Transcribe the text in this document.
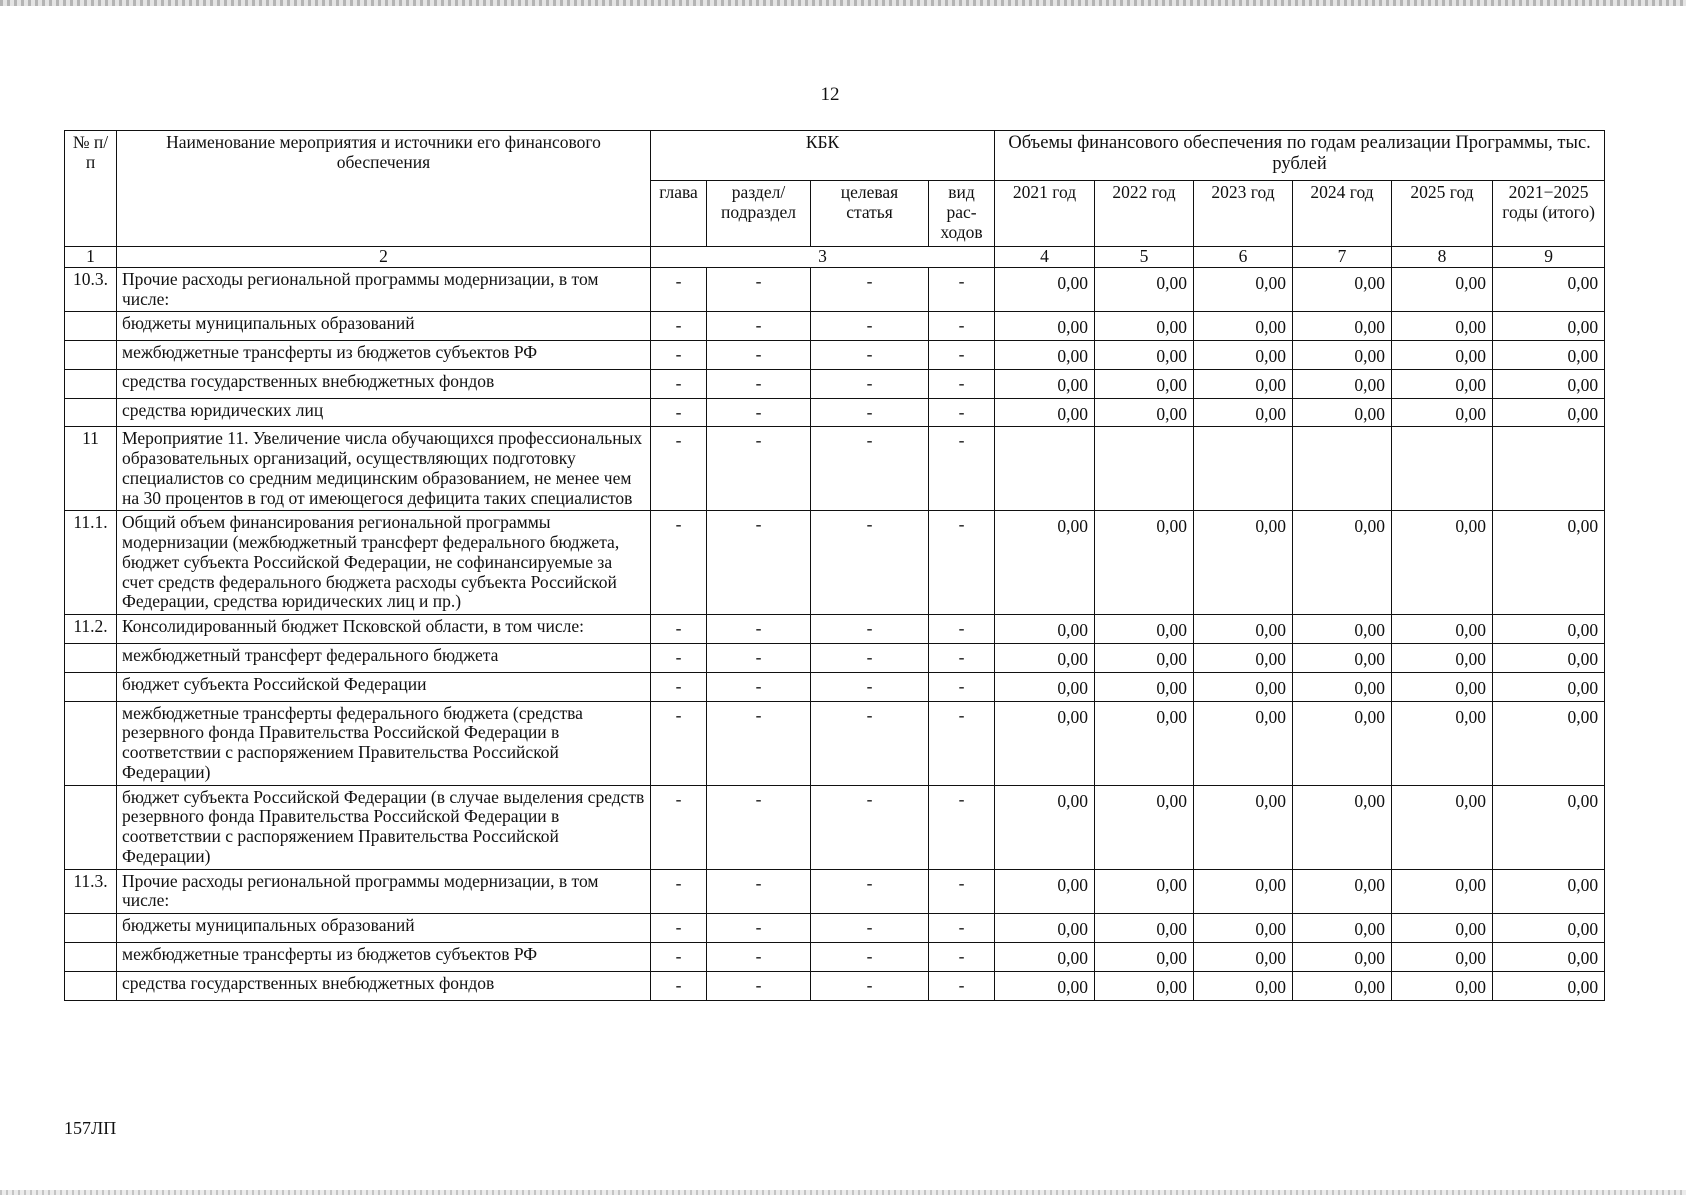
12
№ п/п	Наименование мероприятия и источники его финансового обеспечения	КБК				Объемы финансового обеспечения по годам реализации Программы, тыс. рублей					
		глава	раздел/ подраздел	целевая статья	вид рас-ходов	2021 год	2022 год	2023 год	2024 год	2025 год	2021−2025 годы (итого)
1	2	3				4	5	6	7	8	9
10.3.	Прочие расходы региональной программы модернизации, в том числе:	-	-	-	-	0,00	0,00	0,00	0,00	0,00	0,00
	бюджеты муниципальных образований	-	-	-	-	0,00	0,00	0,00	0,00	0,00	0,00
	межбюджетные трансферты из бюджетов субъектов РФ	-	-	-	-	0,00	0,00	0,00	0,00	0,00	0,00
	средства государственных внебюджетных фондов	-	-	-	-	0,00	0,00	0,00	0,00	0,00	0,00
	средства юридических лиц	-	-	-	-	0,00	0,00	0,00	0,00	0,00	0,00
11	Мероприятие 11. Увеличение числа обучающихся профессиональных образовательных организаций, осуществляющих подготовку специалистов со средним медицинским образованием, не менее чем на 30 процентов в год от имеющегося дефицита таких специалистов	-	-	-	-						
11.1.	Общий объем финансирования региональной программы модернизации (межбюджетный трансферт федерального бюджета, бюджет субъекта Российской Федерации, не софинансируемые за счет средств федерального бюджета расходы субъекта Российской Федерации, средства юридических лиц и пр.)	-	-	-	-	0,00	0,00	0,00	0,00	0,00	0,00
11.2.	Консолидированный бюджет Псковской области, в том числе:	-	-	-	-	0,00	0,00	0,00	0,00	0,00	0,00
	межбюджетный трансферт федерального бюджета	-	-	-	-	0,00	0,00	0,00	0,00	0,00	0,00
	бюджет субъекта Российской Федерации	-	-	-	-	0,00	0,00	0,00	0,00	0,00	0,00
	межбюджетные трансферты федерального бюджета (средства резервного фонда Правительства Российской Федерации в соответствии с распоряжением Правительства Российской Федерации)	-	-	-	-	0,00	0,00	0,00	0,00	0,00	0,00
	бюджет субъекта Российской Федерации (в случае выделения средств резервного фонда Правительства Российской Федерации в соответствии с распоряжением Правительства Российской Федерации)	-	-	-	-	0,00	0,00	0,00	0,00	0,00	0,00
11.3.	Прочие расходы региональной программы модернизации, в том числе:	-	-	-	-	0,00	0,00	0,00	0,00	0,00	0,00
	бюджеты муниципальных образований	-	-	-	-	0,00	0,00	0,00	0,00	0,00	0,00
	межбюджетные трансферты из бюджетов субъектов РФ	-	-	-	-	0,00	0,00	0,00	0,00	0,00	0,00
	средства государственных внебюджетных фондов	-	-	-	-	0,00	0,00	0,00	0,00	0,00	0,00
157ЛП
